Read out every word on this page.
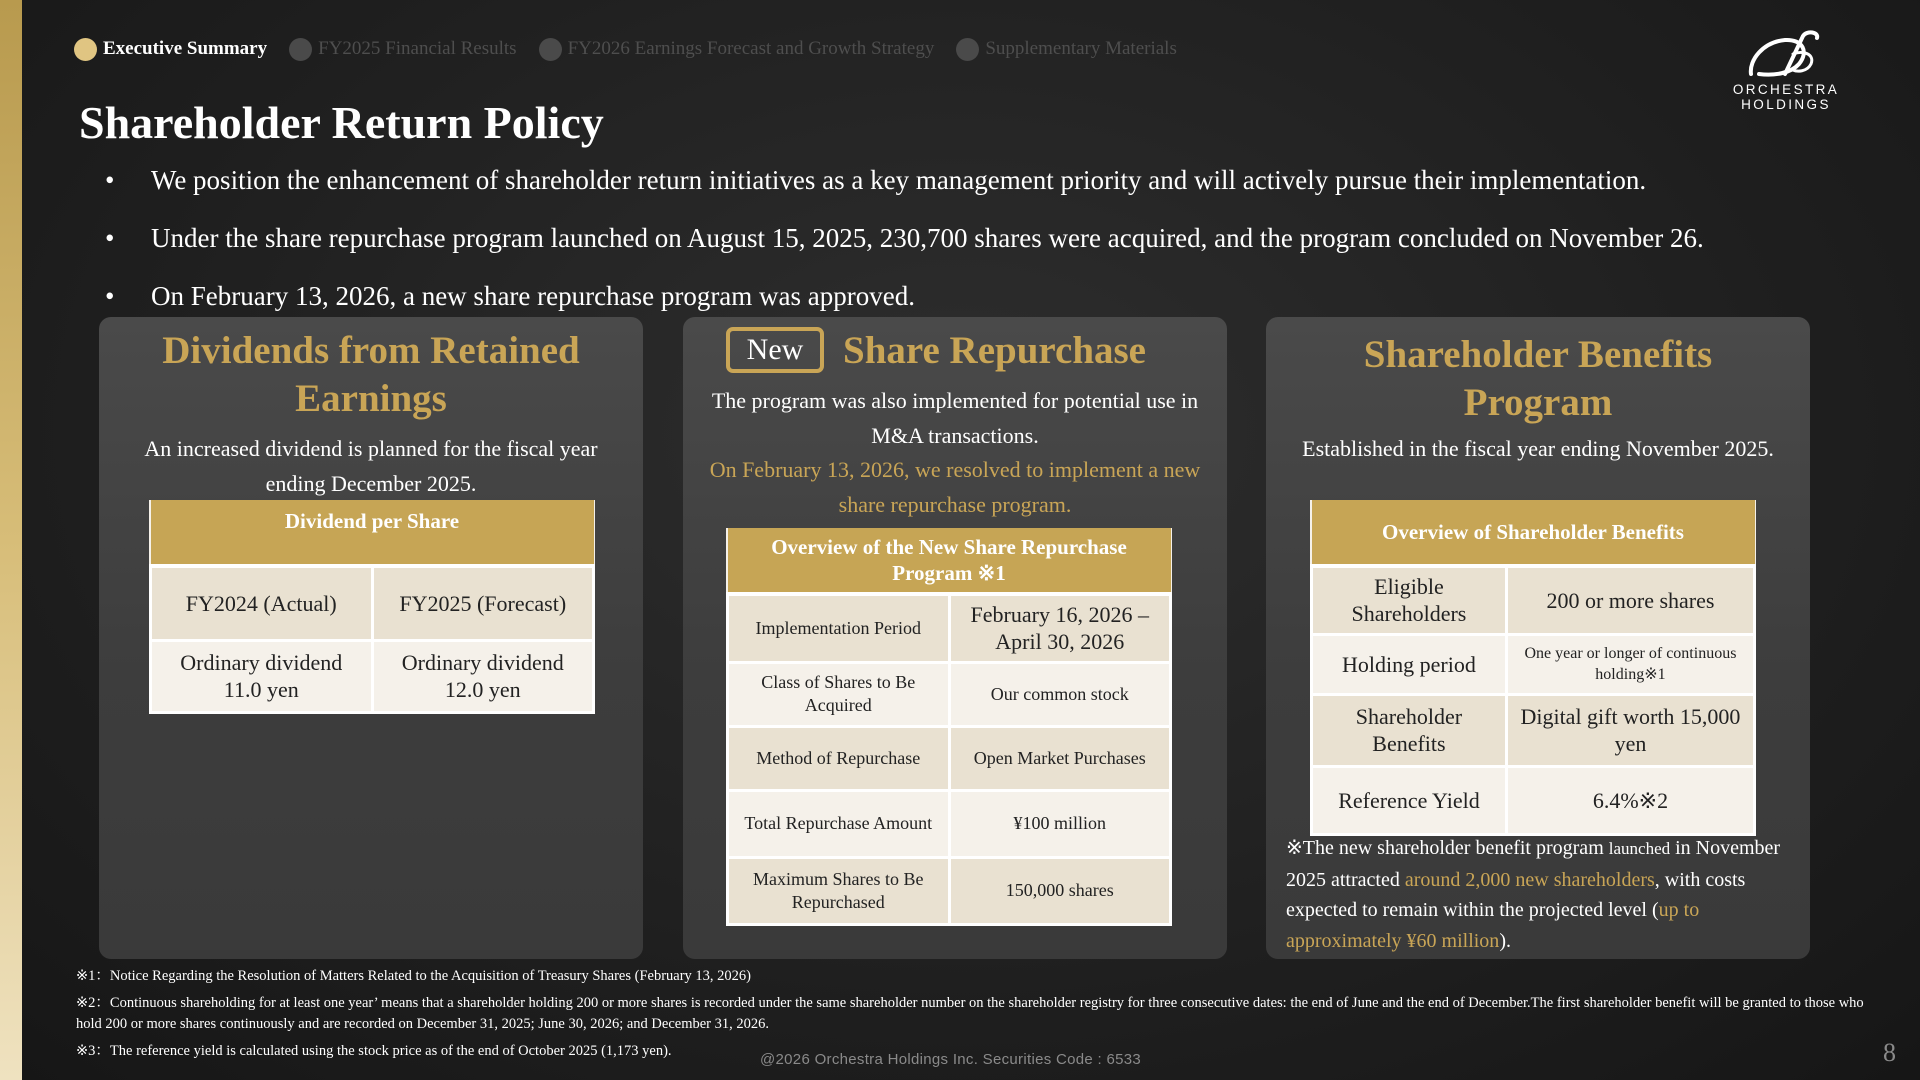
Executive Summary	FY2025 Financial Results	FY2026 Earnings Forecast and Growth Strategy	Supplementary Materials
ORCHESTRA HOLDINGS
Shareholder Return Policy
•	We position the enhancement of shareholder return initiatives as a key management priority and will actively pursue their implementation.
•	Under the share repurchase program launched on August 15, 2025, 230,700 shares were acquired, and the program concluded on November 26.
•	On February 13, 2026, a new share repurchase program was approved.
Dividends from Retained Earnings
An increased dividend is planned for the fiscal year ending December 2025.
Dividend per Share	
FY2024 (Actual)	FY2025 (Forecast)
Ordinary dividend 11.0 yen	Ordinary dividend 12.0 yen
New	Share Repurchase
The program was also implemented for potential use in M&A transactions.
On February 13, 2026, we resolved to implement a new share repurchase program.
Overview of the New Share Repurchase Program ※1	
Implementation Period	February 16, 2026 – April 30, 2026
Class of Shares to Be Acquired	Our common stock
Method of Repurchase	Open Market Purchases
Total Repurchase Amount	¥100 million
Maximum Shares to Be Repurchased	150,000 shares
Shareholder Benefits Program
Established in the fiscal year ending November 2025.
Overview of Shareholder Benefits	
Eligible Shareholders	200 or more shares
Holding period	One year or longer of continuous holding※1
Shareholder Benefits	Digital gift worth 15,000 yen
Reference Yield	6.4%※2
※The new shareholder benefit program launched in November 2025 attracted around 2,000 new shareholders, with costs expected to remain within the projected level (up to approximately ¥60 million).

※1：Notice Regarding the Resolution of Matters Related to the Acquisition of Treasury Shares (February 13, 2026)

※2：Continuous shareholding for at least one year’ means that a shareholder holding 200 or more shares is recorded under the same shareholder number on the shareholder registry for three consecutive dates: the end of June and the end of December.The first shareholder benefit will be granted to those who hold 200 or more shares continuously and are recorded on December 31, 2025; June 30, 2026; and December 31, 2026.

※3：The reference yield is calculated using the stock price as of the end of October 2025 (1,173 yen).	@2026 Orchestra Holdings Inc. Securities Code : 6533	8
